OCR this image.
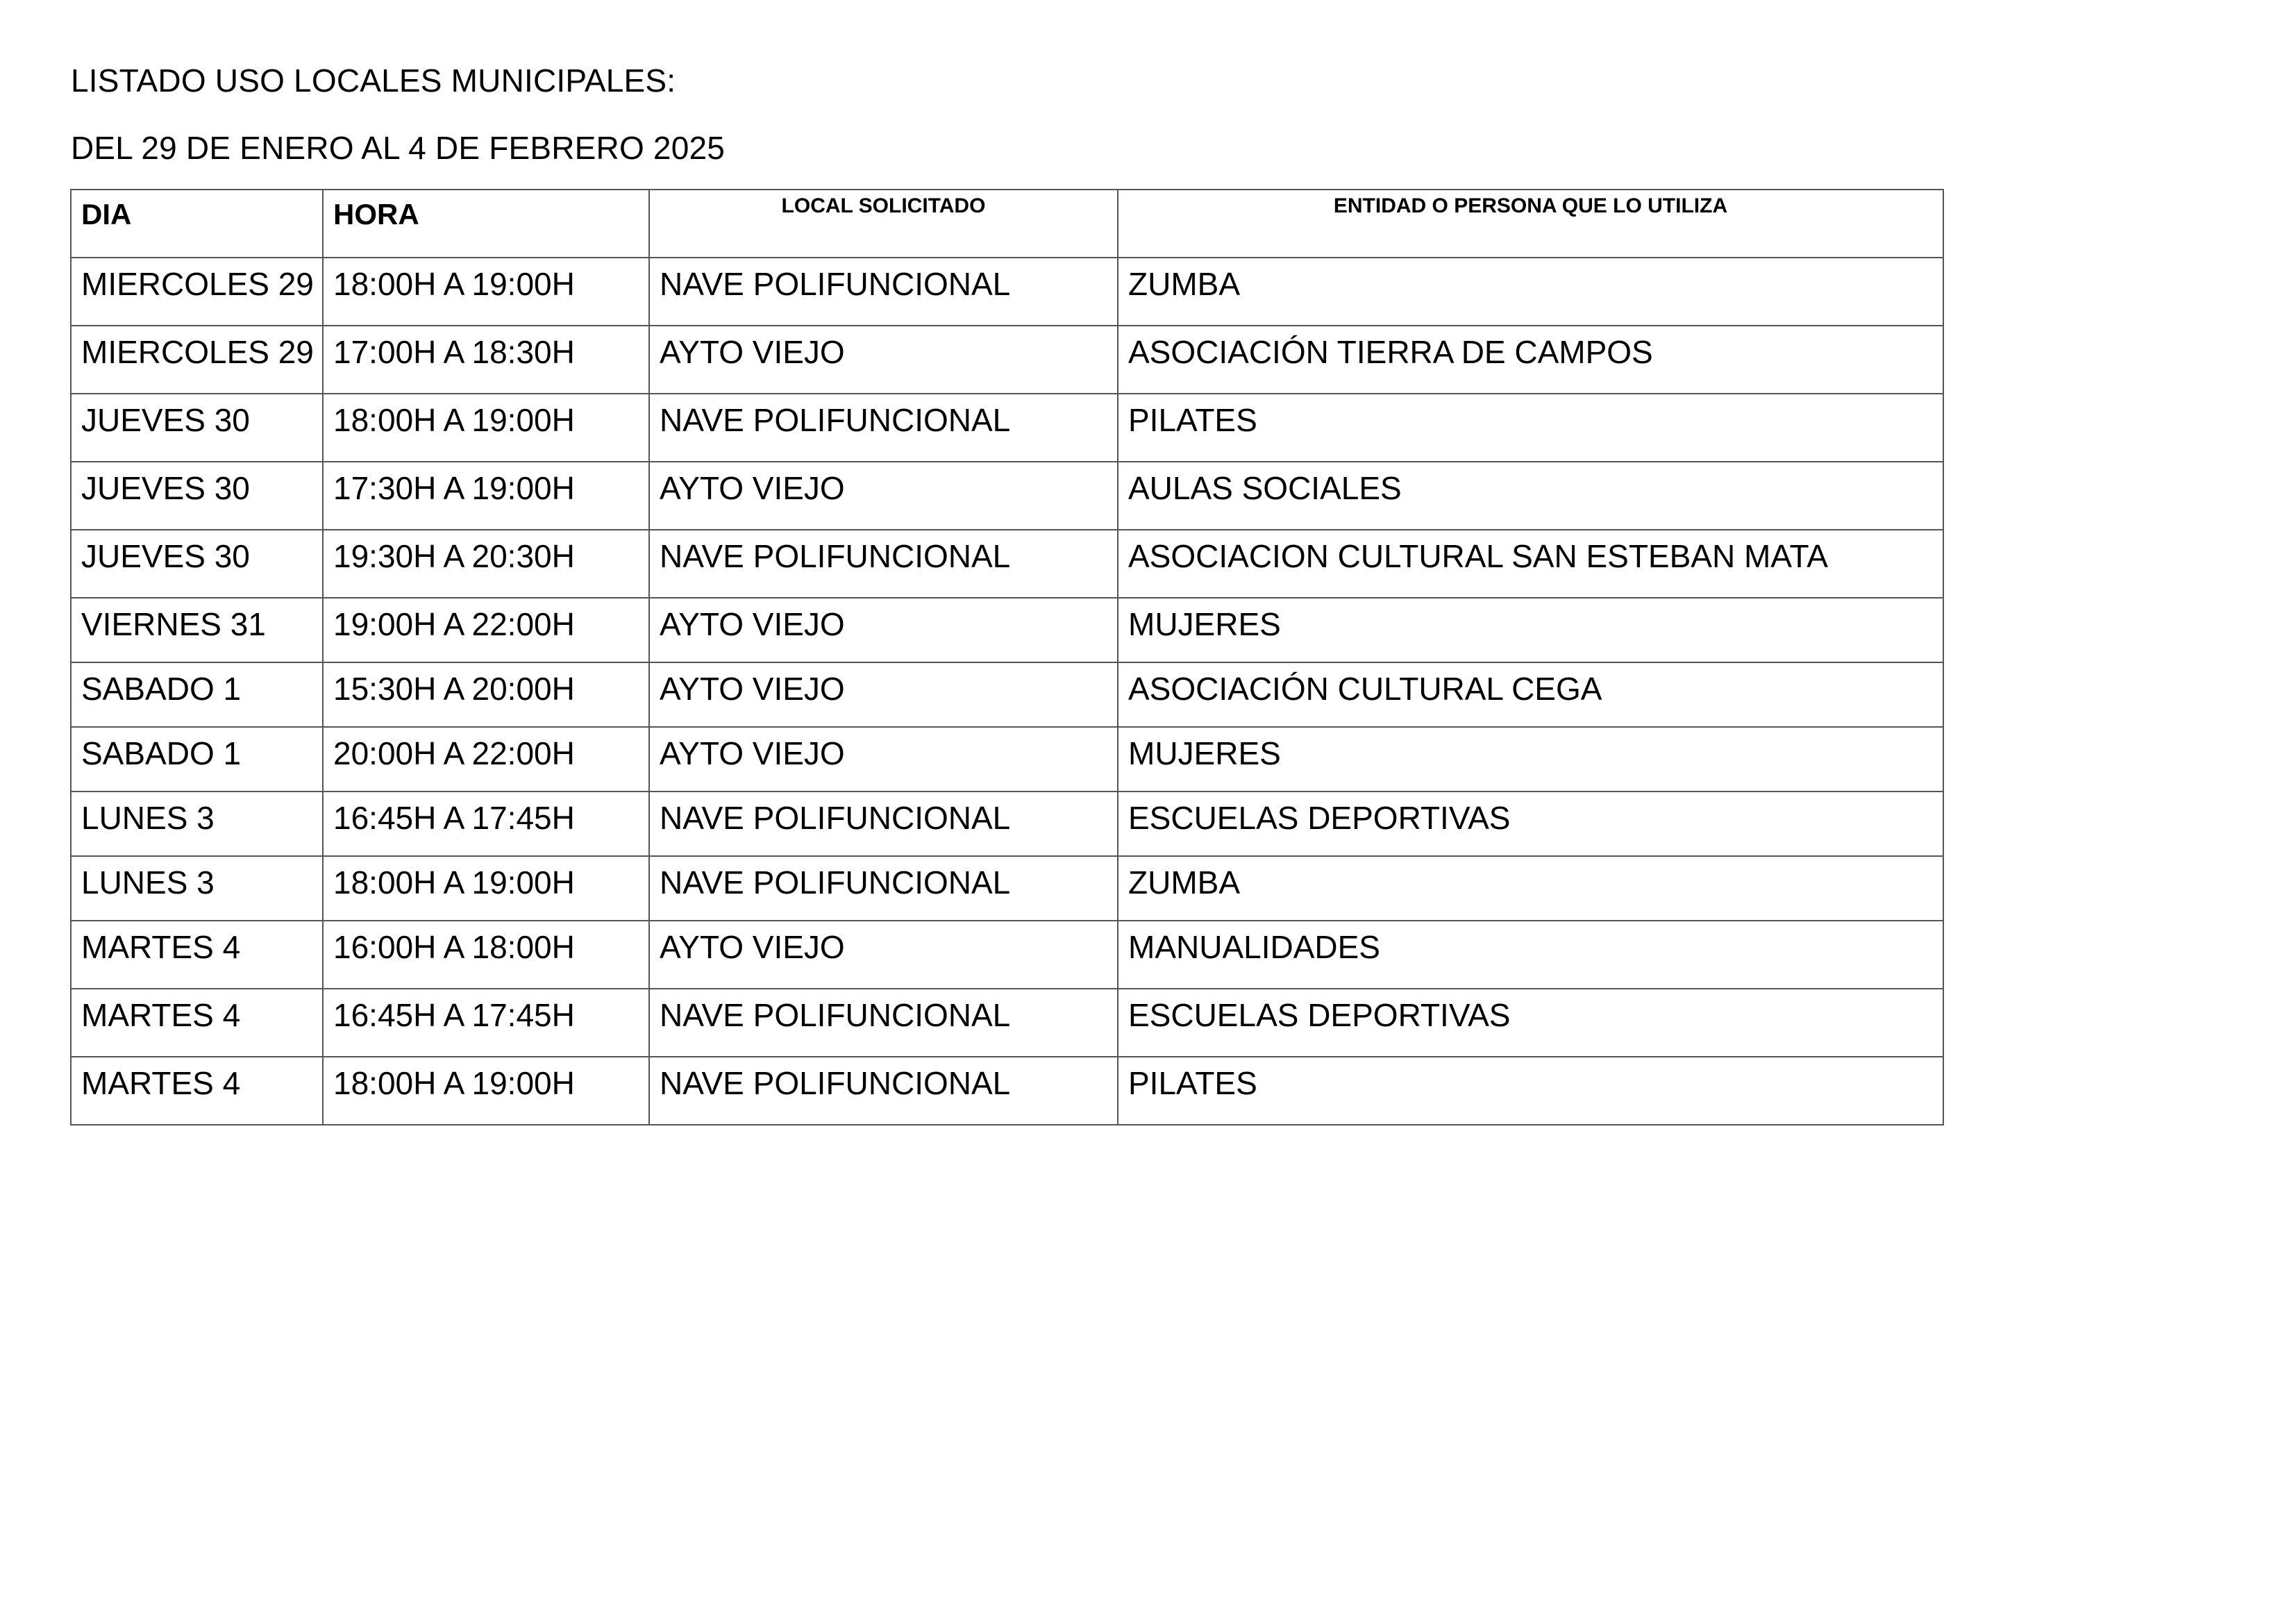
LISTADO USO LOCALES MUNICIPALES:
DEL 29 DE ENERO AL 4 DE FEBRERO 2025
DIA	HORA	LOCAL SOLICITADO	ENTIDAD O PERSONA QUE LO UTILIZA
MIERCOLES 29	18:00H A 19:00H	NAVE POLIFUNCIONAL	ZUMBA
MIERCOLES 29	17:00H A 18:30H	AYTO VIEJO	ASOCIACIÓN TIERRA DE CAMPOS
JUEVES 30	18:00H A 19:00H	NAVE POLIFUNCIONAL	PILATES
JUEVES 30	17:30H A 19:00H	AYTO VIEJO	AULAS SOCIALES
JUEVES 30	19:30H A 20:30H	NAVE POLIFUNCIONAL	ASOCIACION CULTURAL SAN ESTEBAN MATA
VIERNES 31	19:00H A 22:00H	AYTO VIEJO	MUJERES
SABADO 1	15:30H A 20:00H	AYTO VIEJO	ASOCIACIÓN CULTURAL CEGA
SABADO 1	20:00H A 22:00H	AYTO VIEJO	MUJERES
LUNES 3	16:45H A 17:45H	NAVE POLIFUNCIONAL	ESCUELAS DEPORTIVAS
LUNES 3	18:00H A 19:00H	NAVE POLIFUNCIONAL	ZUMBA
MARTES 4	16:00H A 18:00H	AYTO VIEJO	MANUALIDADES
MARTES 4	16:45H A 17:45H	NAVE POLIFUNCIONAL	ESCUELAS DEPORTIVAS
MARTES 4	18:00H A 19:00H	NAVE POLIFUNCIONAL	PILATES
